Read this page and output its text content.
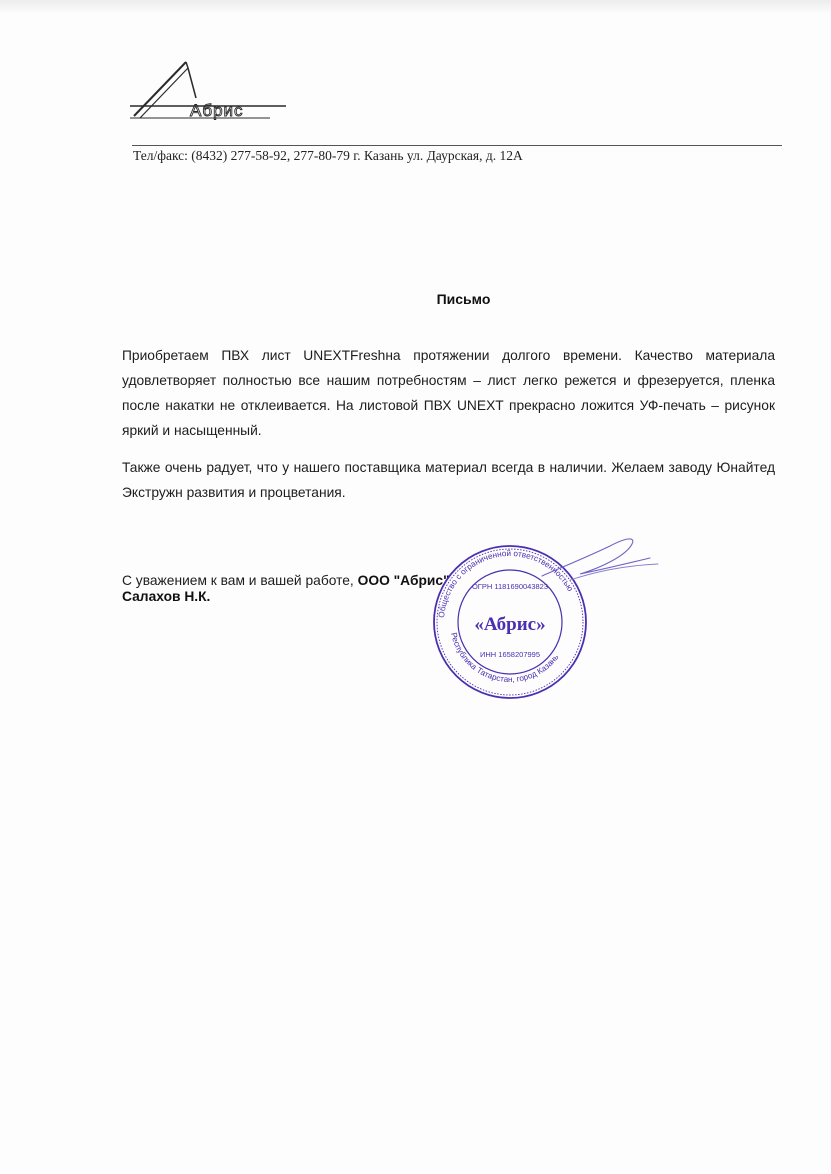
Абрис
Тел/факс: (8432) 277-58-92, 277-80-79 г. Казань ул. Даурская, д. 12А
Письмо

Приобретаем ПВХ лист UNEXTFreshна протяжении долгого времени. Качество материала удовлетворяет полностью все нашим потребностям – лист легко режется и фрезеруется, пленка после накатки не отклеивается. На листовой ПВХ UNEXT прекрасно ложится УФ-печать – рисунок яркий и насыщенный.

Также очень радует, что у нашего поставщика материал всегда в наличии. Желаем заводу Юнайтед Экстружн развития и процветания.

С уважением к вам и вашей работе, ООО "Абрис"
Салахов Н.К.
Общество с ограниченной ответственностью
Республика Татарстан, город Казань
ОГРН 1181690043823
«Абрис»
ИНН 1658207995
